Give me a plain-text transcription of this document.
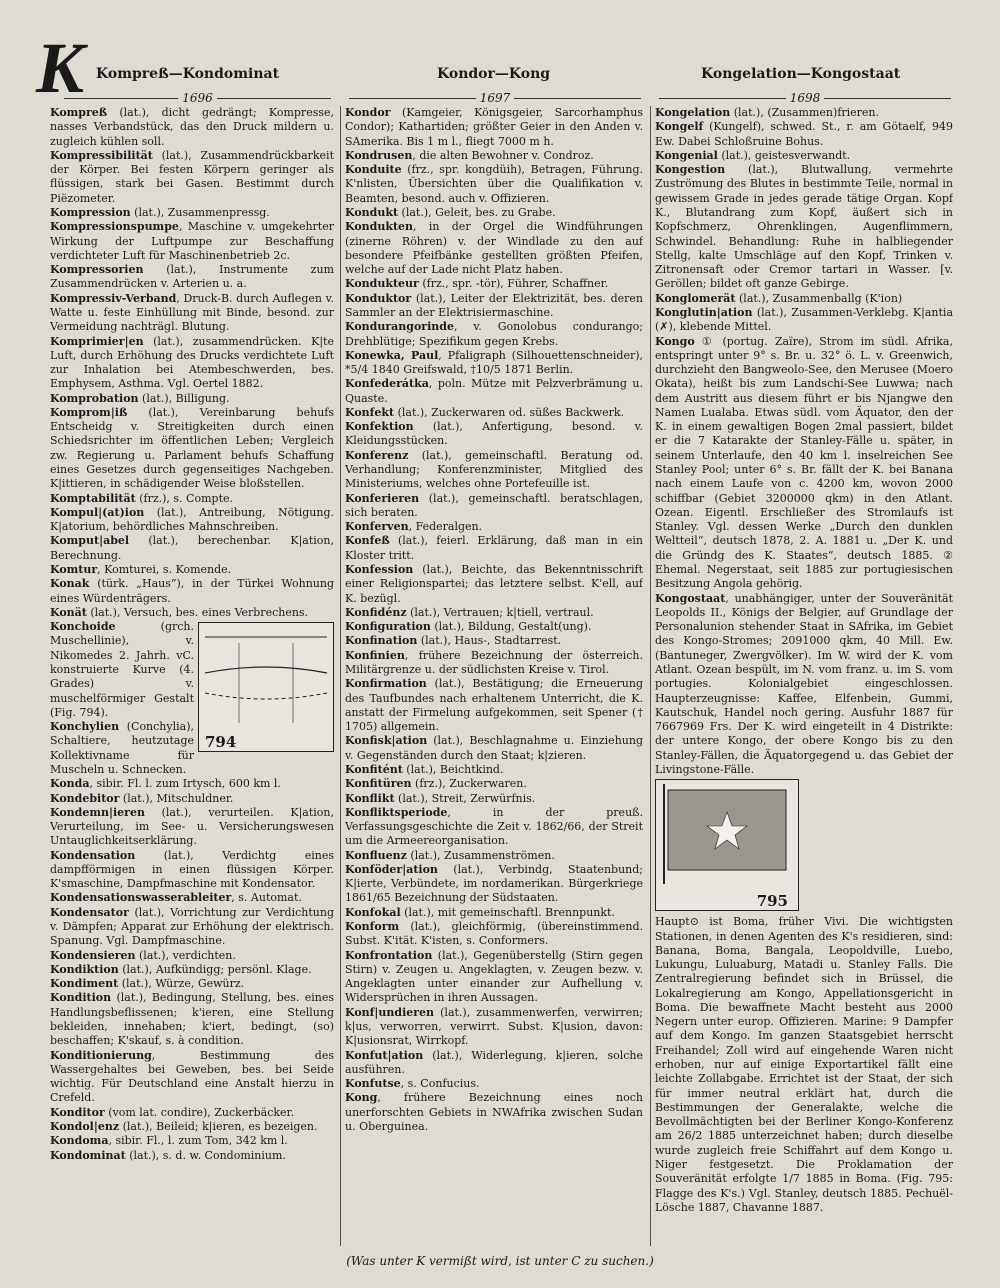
K Kompreß—Kondominat	Kondor—Kong	Kongelation—Kongostaat
1696	1697	1698

Kompreß (lat.), dicht gedrängt; Kompresse, nasses Verbandstück, das den Druck mildern u. zugleich kühlen soll.

Kompressibilität (lat.), Zusammendrückbarkeit der Körper. Bei festen Körpern geringer als flüssigen, stark bei Gasen. Bestimmt durch Piëzometer.

Kompression (lat.), Zusammenpressg.

Kompressionspumpe, Maschine v. umgekehrter Wirkung der Luftpumpe zur Beschaffung verdichteter Luft für Maschinenbetrieb 2c.

Kompressorien (lat.), Instrumente zum Zusammendrücken v. Arterien u. a.

Kompressiv-Verband, Druck-B. durch Auflegen v. Watte u. feste Einhüllung mit Binde, besond. zur Vermeidung nachträgl. Blutung.

Komprimier|en (lat.), zusammendrücken. K|te Luft, durch Erhöhung des Drucks verdichtete Luft zur Inhalation bei Atembeschwerden, bes. Emphysem, Asthma. Vgl. Oertel 1882.

Komprobation (lat.), Billigung.

Komprom|iß (lat.), Vereinbarung behufs Entscheidg v. Streitigkeiten durch einen Schiedsrichter im öffentlichen Leben; Vergleich zw. Regierung u. Parlament behufs Schaffung eines Gesetzes durch gegenseitiges Nachgeben. K|ittieren, in schädigender Weise bloßstellen.

Komptabilität (frz.), s. Compte.

Kompul|(at)ion (lat.), Antreibung, Nötigung. K|atorium, behördliches Mahnschreiben.

Komput|abel (lat.), berechenbar. K|ation, Berechnung.

Komtur, Komturei, s. Komende.

Konak (türk. „Haus“), in der Türkei Wohnung eines Würdenträgers.

Konät (lat.), Versuch, bes. eines Verbrechens.

Konchoide (grch. Muschellinie), v. Nikomedes 2. Jahrh. vC. konstruierte Kurve (4. Grades) v. muschelförmiger Gestalt (Fig. 794).

Konchylien (Conchylia), Schaltiere, heutzutage Kollektivname für Muscheln u. Schnecken.

794

Konda, sibir. Fl. l. zum Irtysch, 600 km l.

Kondebitor (lat.), Mitschuldner.

Kondemn|ieren (lat.), verurteilen. K|ation, Verurteilung, im See- u. Versicherungswesen Untauglichkeitserklärung.

Kondensation (lat.), Verdichtg eines dampfförmigen in einen flüssigen Körper. K'smaschine, Dampfmaschine mit Kondensator.

Kondensationswasserableiter, s. Automat.

Kondensator (lat.), Vorrichtung zur Verdichtung v. Dämpfen; Apparat zur Erhöhung der elektrisch. Spanung. Vgl. Dampfmaschine.

Kondensieren (lat.), verdichten.

Kondiktion (lat.), Aufkündigg; persönl. Klage.

Kondiment (lat.), Würze, Gewürz.

Kondition (lat.), Bedingung, Stellung, bes. eines Handlungsbeflissenen; k'ieren, eine Stellung bekleiden, innehaben; k'iert, bedingt, (so) beschaffen; K'skauf, s. à condition.

Konditionierung, Bestimmung des Wassergehaltes bei Geweben, bes. bei Seide wichtig. Für Deutschland eine Anstalt hierzu in Crefeld.

Konditor (vom lat. condire), Zuckerbäcker.

Kondol|enz (lat.), Beileid; k|ieren, es bezeigen.

Kondoma, sibir. Fl., l. zum Tom, 342 km l.

Kondominat (lat.), s. d. w. Condominium.

Kondor (Kamgeier, Königsgeier, Sarcorhamphus Condor); Kathartiden; größter Geier in den Anden v. SAmerika. Bis 1 m l., fliegt 7000 m h.

Kondrusen, die alten Bewohner v. Condroz.

Konduite (frz., spr. kongdüih), Betragen, Führung. K'nlisten, Übersichten über die Qualifikation v. Beamten, besond. auch v. Offizieren.

Kondukt (lat.), Geleit, bes. zu Grabe.

Kondukten, in der Orgel die Windführungen (zinerne Röhren) v. der Windlade zu den auf besondere Pfeifbänke gestellten größten Pfeifen, welche auf der Lade nicht Platz haben.

Kondukteur (frz., spr. -tör), Führer, Schaffner.

Konduktor (lat.), Leiter der Elektrizität, bes. deren Sammler an der Elektrisiermaschine.

Kondurangorinde, v. Gonolobus condurango; Drehblütige; Spezifikum gegen Krebs.

Konewka, Paul, Pfaligraph (Silhouettenschneider), *5/4 1840 Greifswald, †10/5 1871 Berlin.

Konfederátka, poln. Mütze mit Pelzverbrämung u. Quaste.

Konfekt (lat.), Zuckerwaren od. süßes Backwerk.

Konfektion (lat.), Anfertigung, besond. v. Kleidungsstücken.

Konferenz (lat.), gemeinschaftl. Beratung od. Verhandlung; Konferenzminister, Mitglied des Ministeriums, welches ohne Portefeuille ist.

Konferieren (lat.), gemeinschaftl. beratschlagen, sich beraten.

Konferven, Federalgen.

Konfeß (lat.), feierl. Erklärung, daß man in ein Kloster tritt.

Konfession (lat.), Beichte, das Bekenntnisschrift einer Religionspartei; das letztere selbst. K'ell, auf K. bezügl.

Konfidénz (lat.), Vertrauen; k|tiell, vertraul.

Konfiguration (lat.), Bildung, Gestalt(ung).

Konfination (lat.), Haus-, Stadtarrest.

Konfinien, frühere Bezeichnung der österreich. Militärgrenze u. der südlichsten Kreise v. Tirol.

Konfirmation (lat.), Bestätigung; die Erneuerung des Taufbundes nach erhaltenem Unterricht, die K. anstatt der Firmelung aufgekommen, seit Spener († 1705) allgemein.

Konfisk|ation (lat.), Beschlagnahme u. Einziehung v. Gegenständen durch den Staat; k|zieren.

Konfitént (lat.), Beichtkind.

Konfitüren (frz.), Zuckerwaren.

Konflikt (lat.), Streit, Zerwürfnis.

Konfliktsperiode, in der preuß. Verfassungsgeschichte die Zeit v. 1862/66, der Streit um die Armeereorganisation.

Konfluenz (lat.), Zusammenströmen.

Konföder|ation (lat.), Verbindg, Staatenbund; K|ierte, Verbündete, im nordamerikan. Bürgerkriege 1861/65 Bezeichnung der Südstaaten.

Konfokal (lat.), mit gemeinschaftl. Brennpunkt.

Konform (lat.), gleichförmig, (übereinstimmend. Subst. K'ität. K'isten, s. Conformers.

Konfrontation (lat.), Gegenüberstellg (Stirn gegen Stirn) v. Zeugen u. Angeklagten, v. Zeugen bezw. v. Angeklagten unter einander zur Aufhellung v. Widersprüchen in ihren Aussagen.

Konf|undieren (lat.), zusammenwerfen, verwirren; k|us, verworren, verwirrt. Subst. K|usion, davon: K|usionsrat, Wirrkopf.

Konfut|ation (lat.), Widerlegung, k|ieren, solche ausführen.

Konfutse, s. Confucius.

Kong, frühere Bezeichnung eines noch unerforschten Gebiets in NWAfrika zwischen Sudan u. Oberguinea.

Kongelation (lat.), (Zusammen)frieren.

Kongelf (Kungelf), schwed. St., r. am Götaelf, 949 Ew. Dabei Schloßruine Bohus.

Kongenial (lat.), geistesverwandt.

Kongestion (lat.), Blutwallung, vermehrte Zuströmung des Blutes in bestimmte Teile, normal in gewissem Grade in jedes gerade tätige Organ. Kopf K., Blutandrang zum Kopf, äußert sich in Kopfschmerz, Ohrenklingen, Augenflimmern, Schwindel. Behandlung: Ruhe in halbliegender Stellg, kalte Umschläge auf den Kopf, Trinken v. Zitronensaft oder Cremor tartari in Wasser. [v. Geröllen; bildet oft ganze Gebirge.

Konglomerät (lat.), Zusammenballg (K'ion)

Konglutin|ation (lat.), Zusammen-Verklebg. K|antia (✗), klebende Mittel.

Kongo ① (portug. Zaïre), Strom im südl. Afrika, entspringt unter 9° s. Br. u. 32° ö. L. v. Greenwich, durchzieht den Bangweolo-See, den Merusee (Moero Okata), heißt bis zum Landschi-See Luwwa; nach dem Austritt aus diesem führt er bis Njangwe den Namen Lualaba. Etwas südl. vom Äquator, den der K. in einem gewaltigen Bogen 2mal passiert, bildet er die 7 Katarakte der Stanley-Fälle u. später, in seinem Unterlaufe, den 40 km l. inselreichen See Stanley Pool; unter 6° s. Br. fällt der K. bei Banana nach einem Laufe von c. 4200 km, wovon 2000 schiffbar (Gebiet 3200000 qkm) in den Atlant. Ozean. Eigentl. Erschließer des Stromlaufs ist Stanley. Vgl. dessen Werke „Durch den dunklen Weltteil“, deutsch 1878, 2. A. 1881 u. „Der K. und die Gründg des K. Staates“, deutsch 1885. ② Ehemal. Negerstaat, seit 1885 zur portugiesischen Besitzung Angola gehörig.

Kongostaat, unabhängiger, unter der Souveränität Leopolds II., Königs der Belgier, auf Grundlage der Personalunion stehender Staat in SAfrika, im Gebiet des Kongo-Stromes; 2091000 qkm, 40 Mill. Ew. (Bantuneger, Zwergvölker). Im W. wird der K. vom Atlant. Ozean bespült, im N. vom franz. u. im S. vom portugies. Kolonialgebiet eingeschlossen. Haupterzeugnisse: Kaffee, Elfenbein, Gummi, Kautschuk, Handel noch gering. Ausfuhr 1887 für 7667969 Frs. Der K. wird eingeteilt in 4 Distrikte: der untere Kongo, der obere Kongo bis zu den Stanley-Fällen, die Äquatorgegend u. das Gebiet der Livingstone-Fälle.

795

Haupt⊙ ist Boma, früher Vivi. Die wichtigsten Stationen, in denen Agenten des K's residieren, sind: Banana, Boma, Bangala, Leopoldville, Luebo, Lukungu, Luluaburg, Matadi u. Stanley Falls. Die Zentralregierung befindet sich in Brüssel, die Lokalregierung am Kongo, Appellationsgericht in Boma. Die bewaffnete Macht besteht aus 2000 Negern unter europ. Offizieren. Marine: 9 Dampfer auf dem Kongo. Im ganzen Staatsgebiet herrscht Freihandel; Zoll wird auf eingehende Waren nicht erhoben, nur auf einige Exportartikel fällt eine leichte Zollabgabe. Errichtet ist der Staat, der sich für immer neutral erklärt hat, durch die Bestimmungen der Generalakte, welche die Bevollmächtigten bei der Berliner Kongo-Konferenz am 26/2 1885 unterzeichnet haben; durch dieselbe wurde zugleich freie Schiffahrt auf dem Kongo u. Niger festgesetzt. Die Proklamation der Souveränität erfolgte 1/7 1885 in Boma. (Fig. 795: Flagge des K's.) Vgl. Stanley, deutsch 1885. Pechuël-Lösche 1887, Chavanne 1887.

(Was unter K vermißt wird, ist unter C zu suchen.)
